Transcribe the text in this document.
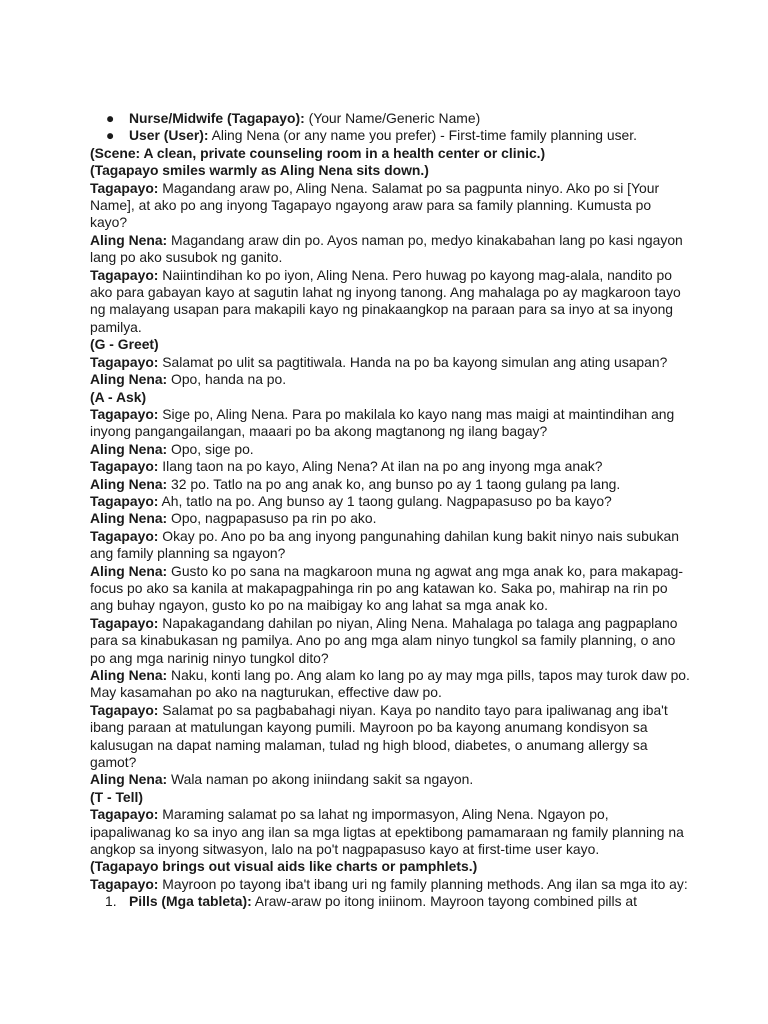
● Nurse/Midwife (Tagapayo): (Your Name/Generic Name)
● User (User): Aling Nena (or any name you prefer) - First-time family planning user.

(Scene: A clean, private counseling room in a health center or clinic.)

(Tagapayo smiles warmly as Aling Nena sits down.)

Tagapayo: Magandang araw po, Aling Nena. Salamat po sa pagpunta ninyo. Ako po si [Your Name], at ako po ang inyong Tagapayo ngayong araw para sa family planning. Kumusta po kayo?

Aling Nena: Magandang araw din po. Ayos naman po, medyo kinakabahan lang po kasi ngayon lang po ako susubok ng ganito.

Tagapayo: Naiintindihan ko po iyon, Aling Nena. Pero huwag po kayong mag-alala, nandito po ako para gabayan kayo at sagutin lahat ng inyong tanong. Ang mahalaga po ay magkaroon tayo ng malayang usapan para makapili kayo ng pinakaangkop na paraan para sa inyo at sa inyong pamilya.

(G - Greet)

Tagapayo: Salamat po ulit sa pagtitiwala. Handa na po ba kayong simulan ang ating usapan?

Aling Nena: Opo, handa na po.

(A - Ask)

Tagapayo: Sige po, Aling Nena. Para po makilala ko kayo nang mas maigi at maintindihan ang inyong pangangailangan, maaari po ba akong magtanong ng ilang bagay?

Aling Nena: Opo, sige po.

Tagapayo: Ilang taon na po kayo, Aling Nena? At ilan na po ang inyong mga anak?

Aling Nena: 32 po. Tatlo na po ang anak ko, ang bunso po ay 1 taong gulang pa lang.

Tagapayo: Ah, tatlo na po. Ang bunso ay 1 taong gulang. Nagpapasuso po ba kayo?

Aling Nena: Opo, nagpapasuso pa rin po ako.

Tagapayo: Okay po. Ano po ba ang inyong pangunahing dahilan kung bakit ninyo nais subukan ang family planning sa ngayon?

Aling Nena: Gusto ko po sana na magkaroon muna ng agwat ang mga anak ko, para makapag-focus po ako sa kanila at makapagpahinga rin po ang katawan ko. Saka po, mahirap na rin po ang buhay ngayon, gusto ko po na maibigay ko ang lahat sa mga anak ko.

Tagapayo: Napakagandang dahilan po niyan, Aling Nena. Mahalaga po talaga ang pagpaplano para sa kinabukasan ng pamilya. Ano po ang mga alam ninyo tungkol sa family planning, o ano po ang mga narinig ninyo tungkol dito?

Aling Nena: Naku, konti lang po. Ang alam ko lang po ay may mga pills, tapos may turok daw po. May kasamahan po ako na nagturukan, effective daw po.

Tagapayo: Salamat po sa pagbabahagi niyan. Kaya po nandito tayo para ipaliwanag ang iba't ibang paraan at matulungan kayong pumili. Mayroon po ba kayong anumang kondisyon sa kalusugan na dapat naming malaman, tulad ng high blood, diabetes, o anumang allergy sa gamot?

Aling Nena: Wala naman po akong iniindang sakit sa ngayon.

(T - Tell)

Tagapayo: Maraming salamat po sa lahat ng impormasyon, Aling Nena. Ngayon po, ipapaliwanag ko sa inyo ang ilan sa mga ligtas at epektibong pamamaraan ng family planning na angkop sa inyong sitwasyon, lalo na po't nagpapasuso kayo at first-time user kayo.

(Tagapayo brings out visual aids like charts or pamphlets.)

Tagapayo: Mayroon po tayong iba't ibang uri ng family planning methods. Ang ilan sa mga ito ay:

1. Pills (Mga tableta): Araw-araw po itong iniinom. Mayroon tayong combined pills at
